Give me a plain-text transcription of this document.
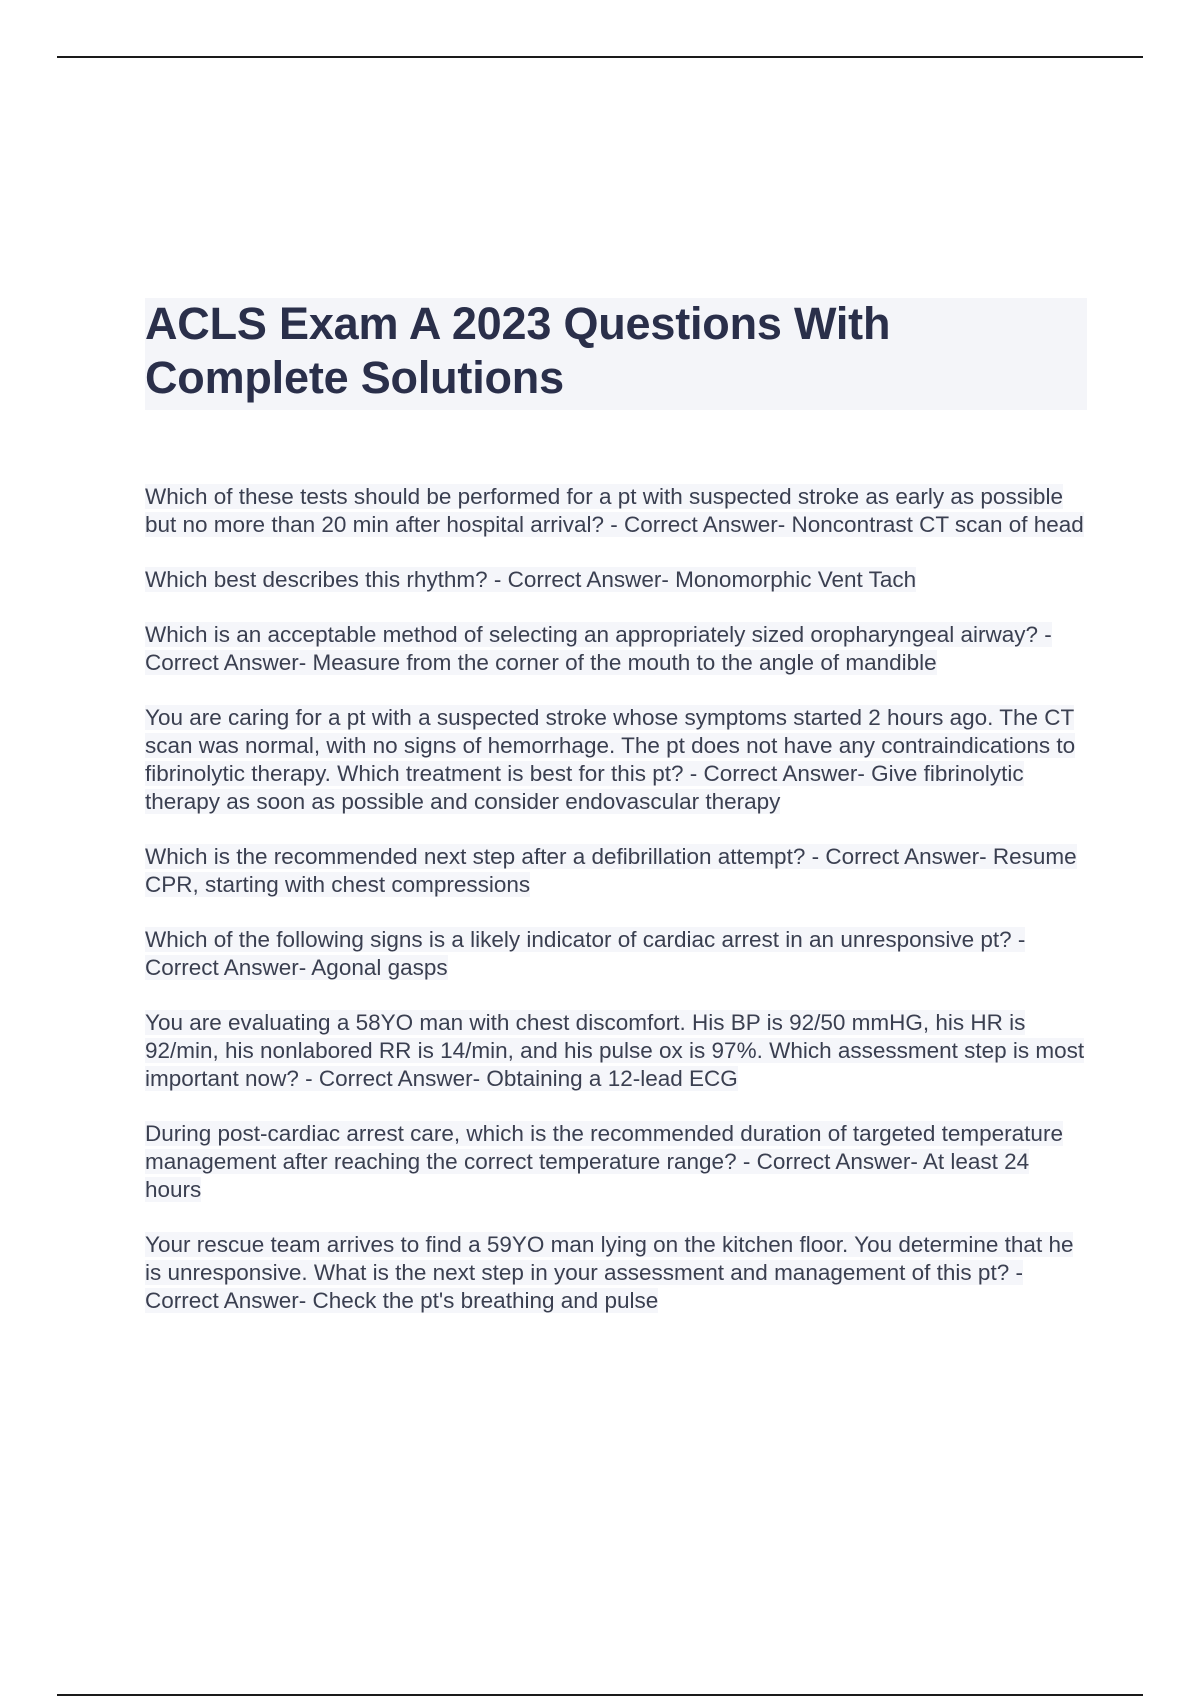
ACLS Exam A 2023 Questions With Complete Solutions

Which of these tests should be performed for a pt with suspected stroke as early as possible but no more than 20 min after hospital arrival? - Correct Answer- Noncontrast CT scan of head

Which best describes this rhythm? - Correct Answer- Monomorphic Vent Tach

Which is an acceptable method of selecting an appropriately sized oropharyngeal airway? - Correct Answer- Measure from the corner of the mouth to the angle of mandible

You are caring for a pt with a suspected stroke whose symptoms started 2 hours ago. The CT scan was normal, with no signs of hemorrhage. The pt does not have any contraindications to fibrinolytic therapy. Which treatment is best for this pt? - Correct Answer- Give fibrinolytic therapy as soon as possible and consider endovascular therapy

Which is the recommended next step after a defibrillation attempt? - Correct Answer- Resume CPR, starting with chest compressions

Which of the following signs is a likely indicator of cardiac arrest in an unresponsive pt? - Correct Answer- Agonal gasps

You are evaluating a 58YO man with chest discomfort. His BP is 92/50 mmHG, his HR is 92/min, his nonlabored RR is 14/min, and his pulse ox is 97%. Which assessment step is most important now? - Correct Answer- Obtaining a 12-lead ECG

During post-cardiac arrest care, which is the recommended duration of targeted temperature management after reaching the correct temperature range? - Correct Answer- At least 24 hours

Your rescue team arrives to find a 59YO man lying on the kitchen floor. You determine that he is unresponsive. What is the next step in your assessment and management of this pt? - Correct Answer- Check the pt's breathing and pulse
